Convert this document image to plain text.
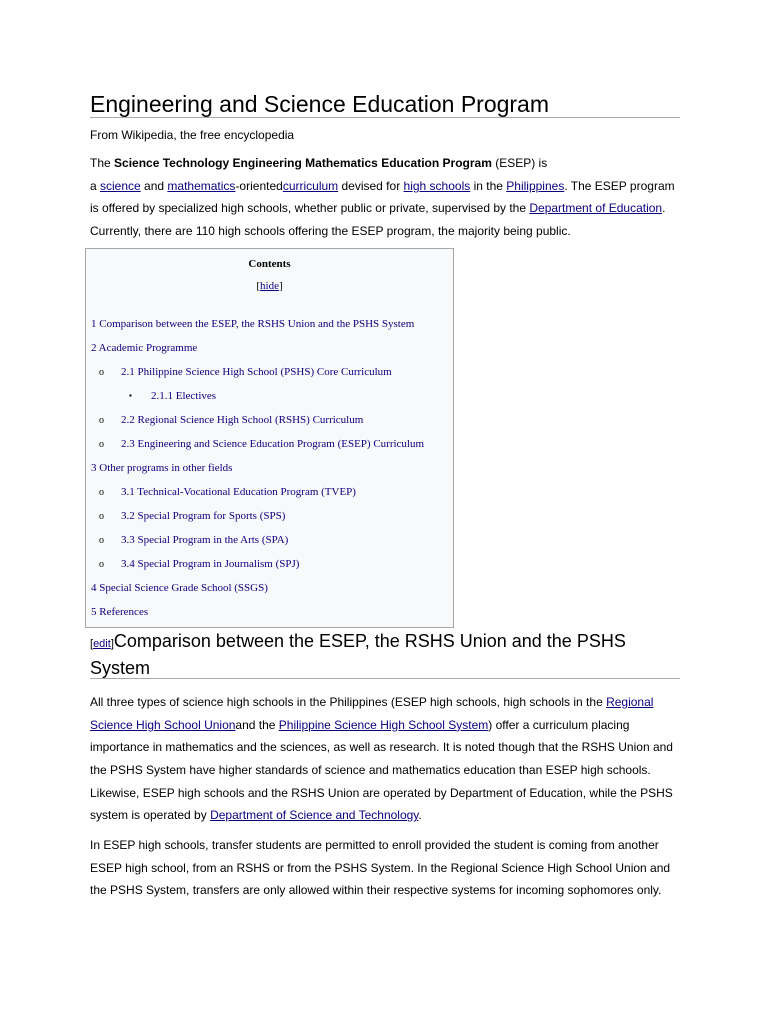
Engineering and Science Education Program
From Wikipedia, the free encyclopedia
The Science Technology Engineering Mathematics Education Program (ESEP) is
a science and mathematics-orientedcurriculum devised for high schools in the Philippines. The ESEP program
is offered by specialized high schools, whether public or private, supervised by the Department of Education.
Currently, there are 110 high schools offering the ESEP program, the majority being public.
Contents
[hide]
1 Comparison between the ESEP, the RSHS Union and the PSHS System
2 Academic Programme
o 2.1 Philippine Science High School (PSHS) Core Curriculum
▪ 2.1.1 Electives
o 2.2 Regional Science High School (RSHS) Curriculum
o 2.3 Engineering and Science Education Program (ESEP) Curriculum
3 Other programs in other fields
o 3.1 Technical-Vocational Education Program (TVEP)
o 3.2 Special Program for Sports (SPS)
o 3.3 Special Program in the Arts (SPA)
o 3.4 Special Program in Journalism (SPJ)
4 Special Science Grade School (SSGS)
5 References
[edit]Comparison between the ESEP, the RSHS Union and the PSHS
System
All three types of science high schools in the Philippines (ESEP high schools, high schools in the Regional
Science High School Unionand the Philippine Science High School System) offer a curriculum placing
importance in mathematics and the sciences, as well as research. It is noted though that the RSHS Union and
the PSHS System have higher standards of science and mathematics education than ESEP high schools.
Likewise, ESEP high schools and the RSHS Union are operated by Department of Education, while the PSHS
system is operated by Department of Science and Technology.
In ESEP high schools, transfer students are permitted to enroll provided the student is coming from another
ESEP high school, from an RSHS or from the PSHS System. In the Regional Science High School Union and
the PSHS System, transfers are only allowed within their respective systems for incoming sophomores only.
